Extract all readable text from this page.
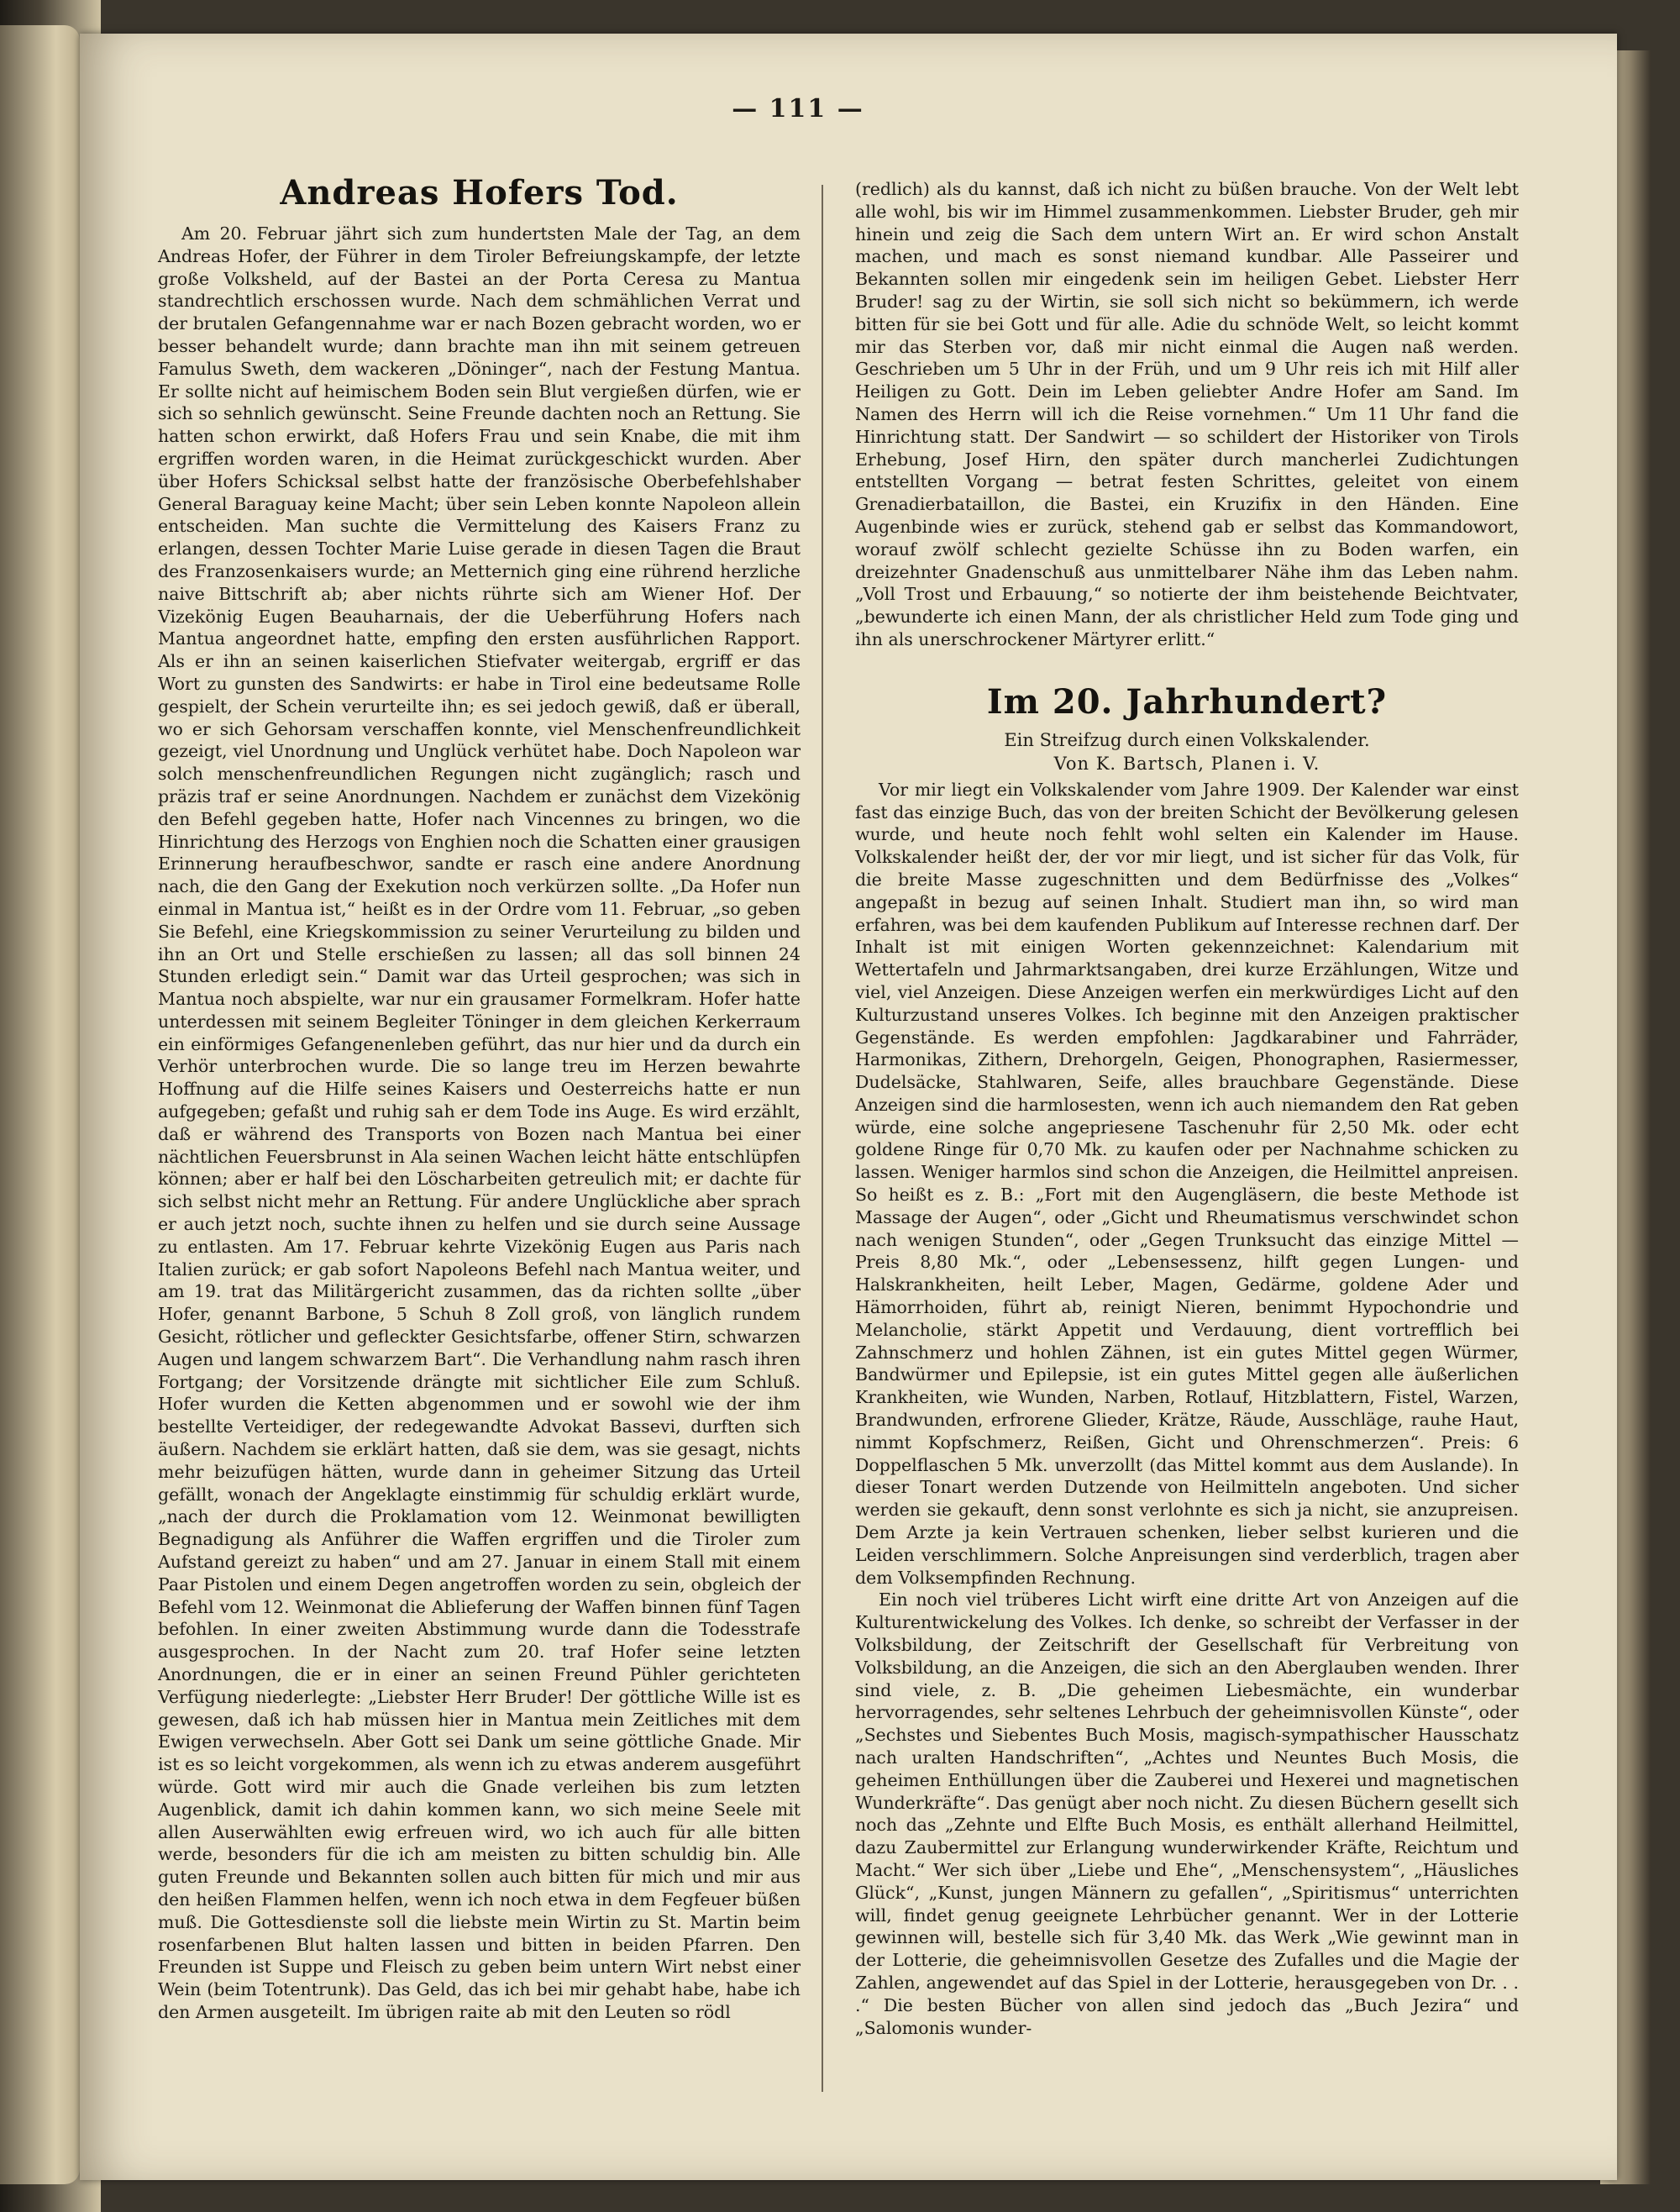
— 111 —
Andreas Hofers Tod.

Am 20. Februar jährt sich zum hundertsten Male der Tag, an dem Andreas Hofer, der Führer in dem Tiroler Befreiungskampfe, der letzte große Volksheld, auf der Bastei an der Porta Ceresa zu Mantua standrechtlich erschossen wurde. Nach dem schmählichen Verrat und der brutalen Gefangennahme war er nach Bozen gebracht worden, wo er besser behandelt wurde; dann brachte man ihn mit seinem getreuen Famulus Sweth, dem wackeren „Döninger“, nach der Festung Mantua. Er sollte nicht auf heimischem Boden sein Blut vergießen dürfen, wie er sich so sehnlich gewünscht. Seine Freunde dachten noch an Rettung. Sie hatten schon erwirkt, daß Hofers Frau und sein Knabe, die mit ihm ergriffen worden waren, in die Heimat zurückgeschickt wurden. Aber über Hofers Schicksal selbst hatte der französische Oberbefehlshaber General Baraguay keine Macht; über sein Leben konnte Napoleon allein entscheiden. Man suchte die Vermittelung des Kaisers Franz zu erlangen, dessen Tochter Marie Luise gerade in diesen Tagen die Braut des Franzosenkaisers wurde; an Metternich ging eine rührend herzliche naive Bittschrift ab; aber nichts rührte sich am Wiener Hof. Der Vizekönig Eugen Beauharnais, der die Ueberführung Hofers nach Mantua angeordnet hatte, empfing den ersten ausführlichen Rapport. Als er ihn an seinen kaiserlichen Stiefvater weitergab, ergriff er das Wort zu gunsten des Sandwirts: er habe in Tirol eine bedeutsame Rolle gespielt, der Schein verurteilte ihn; es sei jedoch gewiß, daß er überall, wo er sich Gehorsam verschaffen konnte, viel Menschenfreundlichkeit gezeigt, viel Unordnung und Unglück verhütet habe. Doch Napoleon war solch menschenfreundlichen Regungen nicht zugänglich; rasch und präzis traf er seine Anordnungen. Nachdem er zunächst dem Vizekönig den Befehl gegeben hatte, Hofer nach Vincennes zu bringen, wo die Hinrichtung des Herzogs von Enghien noch die Schatten einer grausigen Erinnerung heraufbeschwor, sandte er rasch eine andere Anordnung nach, die den Gang der Exekution noch verkürzen sollte. „Da Hofer nun einmal in Mantua ist,“ heißt es in der Ordre vom 11. Februar, „so geben Sie Befehl, eine Kriegskommission zu seiner Verurteilung zu bilden und ihn an Ort und Stelle erschießen zu lassen; all das soll binnen 24 Stunden erledigt sein.“ Damit war das Urteil gesprochen; was sich in Mantua noch abspielte, war nur ein grausamer Formelkram. Hofer hatte unterdessen mit seinem Begleiter Töninger in dem gleichen Kerkerraum ein einförmiges Gefangenenleben geführt, das nur hier und da durch ein Verhör unterbrochen wurde. Die so lange treu im Herzen bewahrte Hoffnung auf die Hilfe seines Kaisers und Oesterreichs hatte er nun aufgegeben; gefaßt und ruhig sah er dem Tode ins Auge. Es wird erzählt, daß er während des Transports von Bozen nach Mantua bei einer nächtlichen Feuersbrunst in Ala seinen Wachen leicht hätte entschlüpfen können; aber er half bei den Löscharbeiten getreulich mit; er dachte für sich selbst nicht mehr an Rettung. Für andere Unglückliche aber sprach er auch jetzt noch, suchte ihnen zu helfen und sie durch seine Aussage zu entlasten. Am 17. Februar kehrte Vizekönig Eugen aus Paris nach Italien zurück; er gab sofort Napoleons Befehl nach Mantua weiter, und am 19. trat das Militärgericht zusammen, das da richten sollte „über Hofer, genannt Barbone, 5 Schuh 8 Zoll groß, von länglich rundem Gesicht, rötlicher und gefleckter Gesichtsfarbe, offener Stirn, schwarzen Augen und langem schwarzem Bart“. Die Verhandlung nahm rasch ihren Fortgang; der Vorsitzende drängte mit sichtlicher Eile zum Schluß. Hofer wurden die Ketten abgenommen und er sowohl wie der ihm bestellte Verteidiger, der redegewandte Advokat Bassevi, durften sich äußern. Nachdem sie erklärt hatten, daß sie dem, was sie gesagt, nichts mehr beizufügen hätten, wurde dann in geheimer Sitzung das Urteil gefällt, wonach der Angeklagte einstimmig für schuldig erklärt wurde, „nach der durch die Proklamation vom 12. Weinmonat bewilligten Begnadigung als Anführer die Waffen ergriffen und die Tiroler zum Aufstand gereizt zu haben“ und am 27. Januar in einem Stall mit einem Paar Pistolen und einem Degen angetroffen worden zu sein, obgleich der Befehl vom 12. Weinmonat die Ablieferung der Waffen binnen fünf Tagen befohlen. In einer zweiten Abstimmung wurde dann die Todesstrafe ausgesprochen. In der Nacht zum 20. traf Hofer seine letzten Anordnungen, die er in einer an seinen Freund Pühler gerichteten Verfügung niederlegte: „Liebster Herr Bruder! Der göttliche Wille ist es gewesen, daß ich hab müssen hier in Mantua mein Zeitliches mit dem Ewigen verwechseln. Aber Gott sei Dank um seine göttliche Gnade. Mir ist es so leicht vorgekommen, als wenn ich zu etwas anderem ausgeführt würde. Gott wird mir auch die Gnade verleihen bis zum letzten Augenblick, damit ich dahin kommen kann, wo sich meine Seele mit allen Auserwählten ewig erfreuen wird, wo ich auch für alle bitten werde, besonders für die ich am meisten zu bitten schuldig bin. Alle guten Freunde und Bekannten sollen auch bitten für mich und mir aus den heißen Flammen helfen, wenn ich noch etwa in dem Fegfeuer büßen muß. Die Gottesdienste soll die liebste mein Wirtin zu St. Martin beim rosenfarbenen Blut halten lassen und bitten in beiden Pfarren. Den Freunden ist Suppe und Fleisch zu geben beim untern Wirt nebst einer Wein (beim Totentrunk). Das Geld, das ich bei mir gehabt habe, habe ich den Armen ausgeteilt. Im übrigen raite ab mit den Leuten so rödl

(redlich) als du kannst, daß ich nicht zu büßen brauche. Von der Welt lebt alle wohl, bis wir im Himmel zusammenkommen. Liebster Bruder, geh mir hinein und zeig die Sach dem untern Wirt an. Er wird schon Anstalt machen, und mach es sonst niemand kundbar. Alle Passeirer und Bekannten sollen mir eingedenk sein im heiligen Gebet. Liebster Herr Bruder! sag zu der Wirtin, sie soll sich nicht so bekümmern, ich werde bitten für sie bei Gott und für alle. Adie du schnöde Welt, so leicht kommt mir das Sterben vor, daß mir nicht einmal die Augen naß werden. Geschrieben um 5 Uhr in der Früh, und um 9 Uhr reis ich mit Hilf aller Heiligen zu Gott. Dein im Leben geliebter Andre Hofer am Sand. Im Namen des Herrn will ich die Reise vornehmen.“ Um 11 Uhr fand die Hinrichtung statt. Der Sandwirt — so schildert der Historiker von Tirols Erhebung, Josef Hirn, den später durch mancherlei Zudichtungen entstellten Vorgang — betrat festen Schrittes, geleitet von einem Grenadierbataillon, die Bastei, ein Kruzifix in den Händen. Eine Augenbinde wies er zurück, stehend gab er selbst das Kommandowort, worauf zwölf schlecht gezielte Schüsse ihn zu Boden warfen, ein dreizehnter Gnadenschuß aus unmittelbarer Nähe ihm das Leben nahm. „Voll Trost und Erbauung,“ so notierte der ihm beistehende Beichtvater, „bewunderte ich einen Mann, der als christlicher Held zum Tode ging und ihn als unerschrockener Märtyrer erlitt.“

Im 20. Jahrhundert?

Ein Streifzug durch einen Volkskalender.

Von K. Bartsch, Planen i. V.

Vor mir liegt ein Volkskalender vom Jahre 1909. Der Kalender war einst fast das einzige Buch, das von der breiten Schicht der Bevölkerung gelesen wurde, und heute noch fehlt wohl selten ein Kalender im Hause. Volkskalender heißt der, der vor mir liegt, und ist sicher für das Volk, für die breite Masse zugeschnitten und dem Bedürfnisse des „Volkes“ angepaßt in bezug auf seinen Inhalt. Studiert man ihn, so wird man erfahren, was bei dem kaufenden Publikum auf Interesse rechnen darf. Der Inhalt ist mit einigen Worten gekennzeichnet: Kalendarium mit Wettertafeln und Jahrmarktsangaben, drei kurze Erzählungen, Witze und viel, viel Anzeigen. Diese Anzeigen werfen ein merkwürdiges Licht auf den Kulturzustand unseres Volkes. Ich beginne mit den Anzeigen praktischer Gegenstände. Es werden empfohlen: Jagdkarabiner und Fahrräder, Harmonikas, Zithern, Drehorgeln, Geigen, Phonographen, Rasiermesser, Dudelsäcke, Stahlwaren, Seife, alles brauchbare Gegenstände. Diese Anzeigen sind die harmlosesten, wenn ich auch niemandem den Rat geben würde, eine solche angepriesene Taschenuhr für 2,50 Mk. oder echt goldene Ringe für 0,70 Mk. zu kaufen oder per Nachnahme schicken zu lassen. Weniger harmlos sind schon die Anzeigen, die Heilmittel anpreisen. So heißt es z. B.: „Fort mit den Augengläsern, die beste Methode ist Massage der Augen“, oder „Gicht und Rheumatismus verschwindet schon nach wenigen Stunden“, oder „Gegen Trunksucht das einzige Mittel — Preis 8,80 Mk.“, oder „Lebensessenz, hilft gegen Lungen- und Halskrankheiten, heilt Leber, Magen, Gedärme, goldene Ader und Hämorrhoiden, führt ab, reinigt Nieren, benimmt Hypochondrie und Melancholie, stärkt Appetit und Verdauung, dient vortrefflich bei Zahnschmerz und hohlen Zähnen, ist ein gutes Mittel gegen Würmer, Bandwürmer und Epilepsie, ist ein gutes Mittel gegen alle äußerlichen Krankheiten, wie Wunden, Narben, Rotlauf, Hitzblattern, Fistel, Warzen, Brandwunden, erfrorene Glieder, Krätze, Räude, Ausschläge, rauhe Haut, nimmt Kopfschmerz, Reißen, Gicht und Ohrenschmerzen“. Preis: 6 Doppelflaschen 5 Mk. unverzollt (das Mittel kommt aus dem Auslande). In dieser Tonart werden Dutzende von Heilmitteln angeboten. Und sicher werden sie gekauft, denn sonst verlohnte es sich ja nicht, sie anzupreisen. Dem Arzte ja kein Vertrauen schenken, lieber selbst kurieren und die Leiden verschlimmern. Solche Anpreisungen sind verderblich, tragen aber dem Volksempfinden Rechnung.

Ein noch viel trüberes Licht wirft eine dritte Art von Anzeigen auf die Kulturentwickelung des Volkes. Ich denke, so schreibt der Verfasser in der Volksbildung, der Zeitschrift der Gesellschaft für Verbreitung von Volksbildung, an die Anzeigen, die sich an den Aberglauben wenden. Ihrer sind viele, z. B. „Die geheimen Liebesmächte, ein wunderbar hervorragendes, sehr seltenes Lehrbuch der geheimnisvollen Künste“, oder „Sechstes und Siebentes Buch Mosis, magisch-sympathischer Hausschatz nach uralten Handschriften“, „Achtes und Neuntes Buch Mosis, die geheimen Enthüllungen über die Zauberei und Hexerei und magnetischen Wunderkräfte“. Das genügt aber noch nicht. Zu diesen Büchern gesellt sich noch das „Zehnte und Elfte Buch Mosis, es enthält allerhand Heilmittel, dazu Zaubermittel zur Erlangung wunderwirkender Kräfte, Reichtum und Macht.“ Wer sich über „Liebe und Ehe“, „Menschensystem“, „Häusliches Glück“, „Kunst, jungen Männern zu gefallen“, „Spiritismus“ unterrichten will, findet genug geeignete Lehrbücher genannt. Wer in der Lotterie gewinnen will, bestelle sich für 3,40 Mk. das Werk „Wie gewinnt man in der Lotterie, die geheimnisvollen Gesetze des Zufalles und die Magie der Zahlen, angewendet auf das Spiel in der Lotterie, herausgegeben von Dr. . . .“ Die besten Bücher von allen sind jedoch das „Buch Jezira“ und „Salomonis wunder-
